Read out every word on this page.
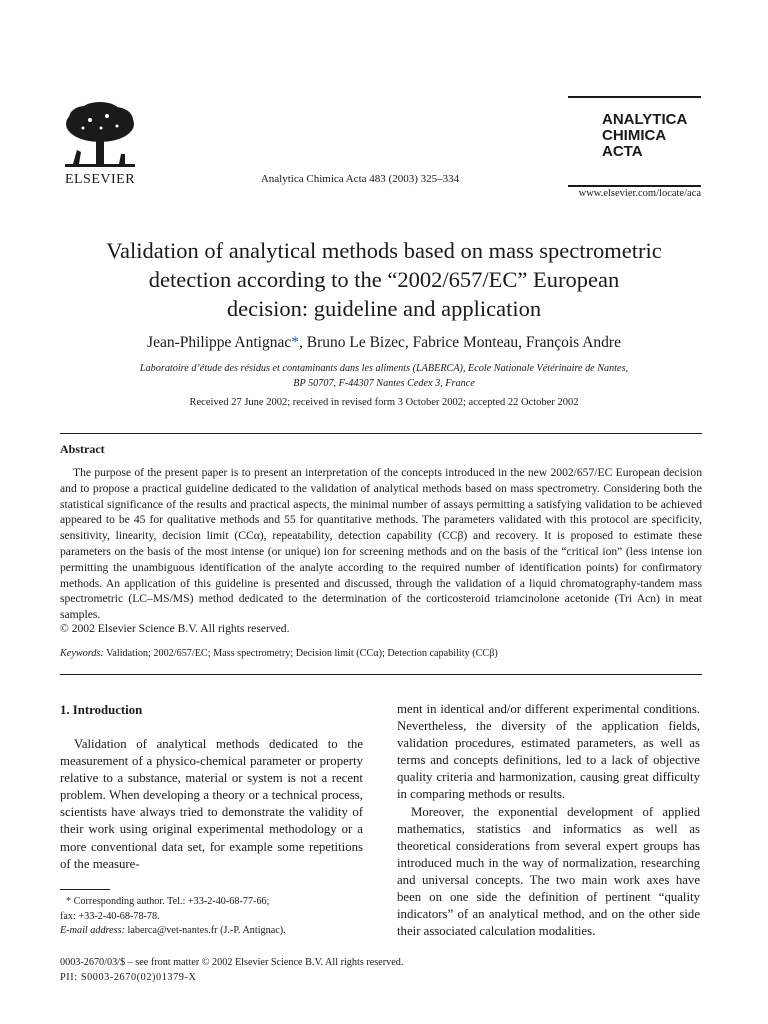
ELSEVIER	Analytica Chimica Acta 483 (2003) 325–334
ANALYTICA
CHIMICA
ACTA
www.elsevier.com/locate/aca
Validation of analytical methods based on mass spectrometric
detection according to the “2002/657/EC” European
decision: guideline and application
Jean-Philippe Antignac*, Bruno Le Bizec, Fabrice Monteau, François Andre
Laboratoire d’étude des résidus et contaminants dans les aliments (LABERCA), Ecole Nationale Vétérinaire de Nantes,
BP 50707, F-44307 Nantes Cedex 3, France
Received 27 June 2002; received in revised form 3 October 2002; accepted 22 October 2002
Abstract

The purpose of the present paper is to present an interpretation of the concepts introduced in the new 2002/657/EC European decision and to propose a practical guideline dedicated to the validation of analytical methods based on mass spectrometry. Considering both the statistical significance of the results and practical aspects, the minimal number of assays permitting a satisfying validation to be achieved appeared to be 45 for qualitative methods and 55 for quantitative methods. The parameters validated with this protocol are specificity, sensitivity, linearity, decision limit (CCα), repeatability, detection capability (CCβ) and recovery. It is proposed to estimate these parameters on the basis of the most intense (or unique) ion for screening methods and on the basis of the “critical ion” (less intense ion permitting the unambiguous identification of the analyte according to the required number of identification points) for confirmatory methods. An application of this guideline is presented and discussed, through the validation of a liquid chromatography-tandem mass spectrometric (LC–MS/MS) method dedicated to the determination of the corticosteroid triamcinolone acetonide (Tri Acn) in meat samples.

© 2002 Elsevier Science B.V. All rights reserved.
Keywords: Validation; 2002/657/EC; Mass spectrometry; Decision limit (CCα); Detection capability (CCβ)
1. Introduction

Validation of analytical methods dedicated to the measurement of a physico-chemical parameter or property relative to a substance, material or system is not a recent problem. When developing a theory or a technical process, scientists have always tried to demonstrate the validity of their work using original experimental methodology or a more conventional data set, for example some repetitions of the measure-

ment in identical and/or different experimental conditions. Nevertheless, the diversity of the application fields, validation procedures, estimated parameters, as well as terms and concepts definitions, led to a lack of objective quality criteria and harmonization, causing great difficulty in comparing methods or results.

Moreover, the exponential development of applied mathematics, statistics and informatics as well as theoretical considerations from several expert groups has introduced much in the way of normalization, researching and universal concepts. The two main work axes have been on one side the definition of pertinent “quality indicators” of an analytical method, and on the other side their associated calculation modalities.

* Corresponding author. Tel.: +33-2-40-68-77-66;
fax: +33-2-40-68-78-78.
E-mail address: laberca@vet-nantes.fr (J.-P. Antignac).
0003-2670/03/$ – see front matter © 2002 Elsevier Science B.V. All rights reserved.
PII: S0003-2670(02)01379-X
